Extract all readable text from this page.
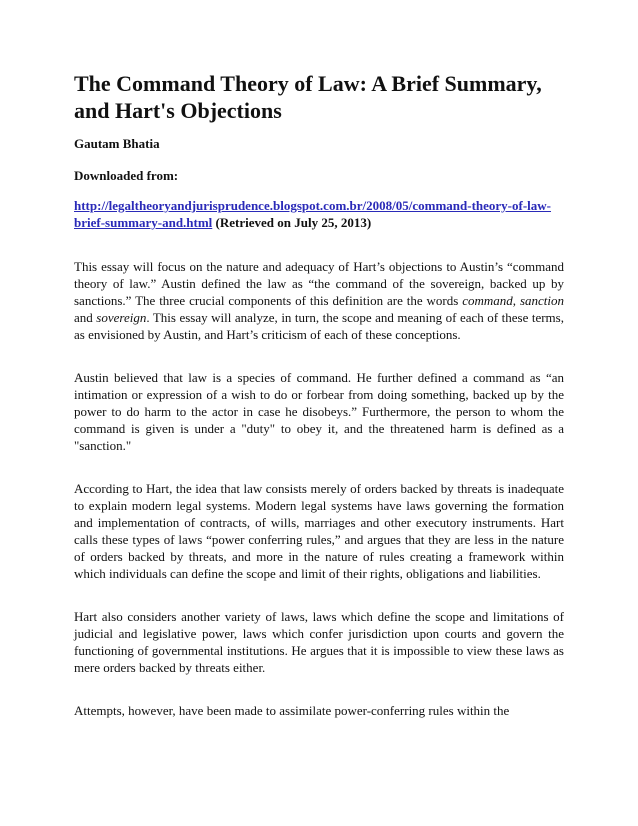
The Command Theory of Law: A Brief Summary, and Hart's Objections
Gautam Bhatia
Downloaded from:
http://legaltheoryandjurisprudence.blogspot.com.br/2008/05/command-theory-of-law-brief-summary-and.html (Retrieved on July 25, 2013)

This essay will focus on the nature and adequacy of Hart’s objections to Austin’s “command theory of law.” Austin defined the law as “the command of the sovereign, backed up by sanctions.” The three crucial components of this definition are the words command, sanction and sovereign. This essay will analyze, in turn, the scope and meaning of each of these terms, as envisioned by Austin, and Hart’s criticism of each of these conceptions.

Austin believed that law is a species of command. He further defined a command as “an intimation or expression of a wish to do or forbear from doing something, backed up by the power to do harm to the actor in case he disobeys.” Furthermore, the person to whom the command is given is under a "duty" to obey it, and the threatened harm is defined as a "sanction."

According to Hart, the idea that law consists merely of orders backed by threats is inadequate to explain modern legal systems. Modern legal systems have laws governing the formation and implementation of contracts, of wills, marriages and other executory instruments. Hart calls these types of laws “power conferring rules,” and argues that they are less in the nature of orders backed by threats, and more in the nature of rules creating a framework within which individuals can define the scope and limit of their rights, obligations and liabilities.

Hart also considers another variety of laws, laws which define the scope and limitations of judicial and legislative power, laws which confer jurisdiction upon courts and govern the functioning of governmental institutions. He argues that it is impossible to view these laws as mere orders backed by threats either.

Attempts, however, have been made to assimilate power-conferring rules within the
